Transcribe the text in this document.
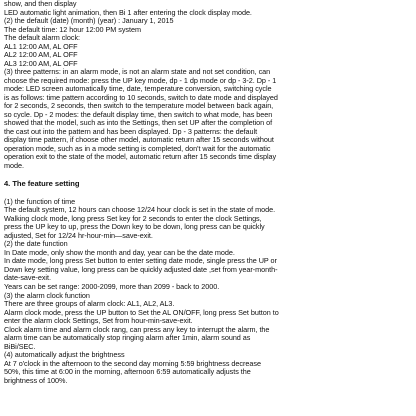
show, and then display
LED automatic light animation, then Bi 1 after entering the clock display mode.
(2) the default (date) (month) (year) : January 1, 2015
The default time: 12 hour 12:00 PM system
The default alarm clock:
AL1 12:00 AM, AL OFF
AL2 12:00 AM, AL OFF
AL3 12:00 AM, AL OFF
(3) three patterns: in an alarm mode, is not an alarm state and not set condition, can
choose the required mode: press the UP key mode, dp - 1 dp mode or dp - 3-2. Dp - 1
mode: LED screen automatically time, date, temperature conversion, switching cycle
is as follows: time pattern according to 10 seconds, switch to date mode and displayed
for 2 seconds, 2 seconds, then switch to the temperature model between back again,
so cycle. Dp - 2 modes: the default display time, then switch to what mode, has been
showed that the model, such as into the Settings, then set UP after the completion of
the cast out into the pattern and has been displayed. Dp - 3 patterns: the default
display time pattern, if choose other model, automatic return after 15 seconds without
operation mode, such as in a mode setting is completed, don't wait for the automatic
operation exit to the state of the model, automatic return after 15 seconds time display
mode.
4. The feature setting
(1) the function of time
The default system, 12 hours can choose 12/24 hour clock is set in the state of mode.
Walking clock mode, long press Set key for 2 seconds to enter the clock Settings,
press the UP key to up, press the Down key to be down, long press can be quickly
adjusted, Set for 12/24 hr-hour-min—save-exit.
(2) the date function
In Date mode, only show the month and day, year can be the date mode.
In date mode, long press Set button to enter setting date mode, single press the UP or
Down key setting value, long press can be quickly adjusted date ,set from year-month-
date-save-exit.
Years can be set range: 2000-2099, more than 2099 - back to 2000.
(3) the alarm clock function
There are three groups of alarm clock: AL1, AL2, AL3.
Alarm clock mode, press the UP button to Set the AL ON/OFF, long press Set button to
enter the alarm clock Settings, Set from hour-min-save-exit.
Clock alarm time and alarm clock rang, can press any key to interrupt the alarm, the
alarm time can be automatically stop ringing alarm after 1min, alarm sound as
BiBi/SEC.
(4) automatically adjust the brightness
At 7 o'clock in the afternoon to the second day morning 5:59 brightness decrease
50%, this time at 6:00 in the morning, afternoon 6:59 automatically adjusts the
brightness of 100%.
